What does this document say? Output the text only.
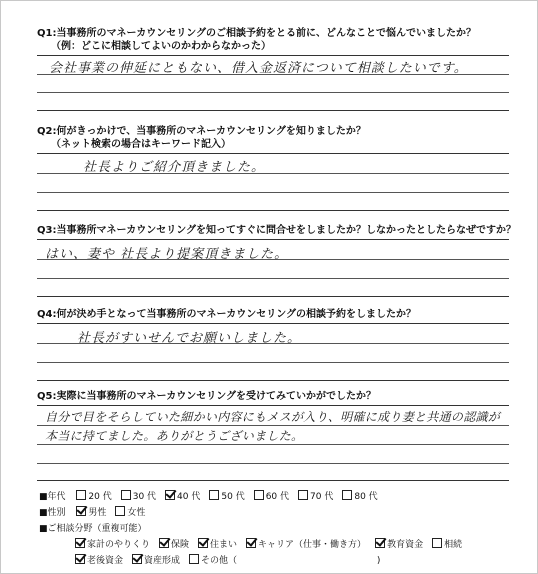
Q1:当事務所のマネーカウンセリングのご相談予約をとる前に、どんなことで悩んでいましたか？
（例：どこに相談してよいのかわからなかった）
会社事業の伸延にともない、借入金返済について相談したいです。
Q2:何がきっかけで、当事務所のマネーカウンセリングを知りましたか？
（ネット検索の場合はキーワード記入）
社長よりご紹介頂きました。
Q3:当事務所マネーカウンセリングを知ってすぐに問合せをしましたか？しなかったとしたらなぜですか？
はい、妻や 社長より提案頂きました。
Q4:何が決め手となって当事務所のマネーカウンセリングの相談予約をしましたか？
社長がすいせんでお願いしました。
Q5:実際に当事務所のマネーカウンセリングを受けてみていかがでしたか？
自分で目をそらしていた細かい内容にもメスが入り、明確に成り妻と共通の認識が
本当に持てました。ありがとうございました。
■年代	20 代 30 代 40 代 50 代 60 代 70 代 80 代
■性別	男性 女性
■ご相談分野（重複可能）
家計のやりくり 保険 住まい キャリア（仕事・働き方） 教育資金 相続
老後資金 資産形成 その他（	)
